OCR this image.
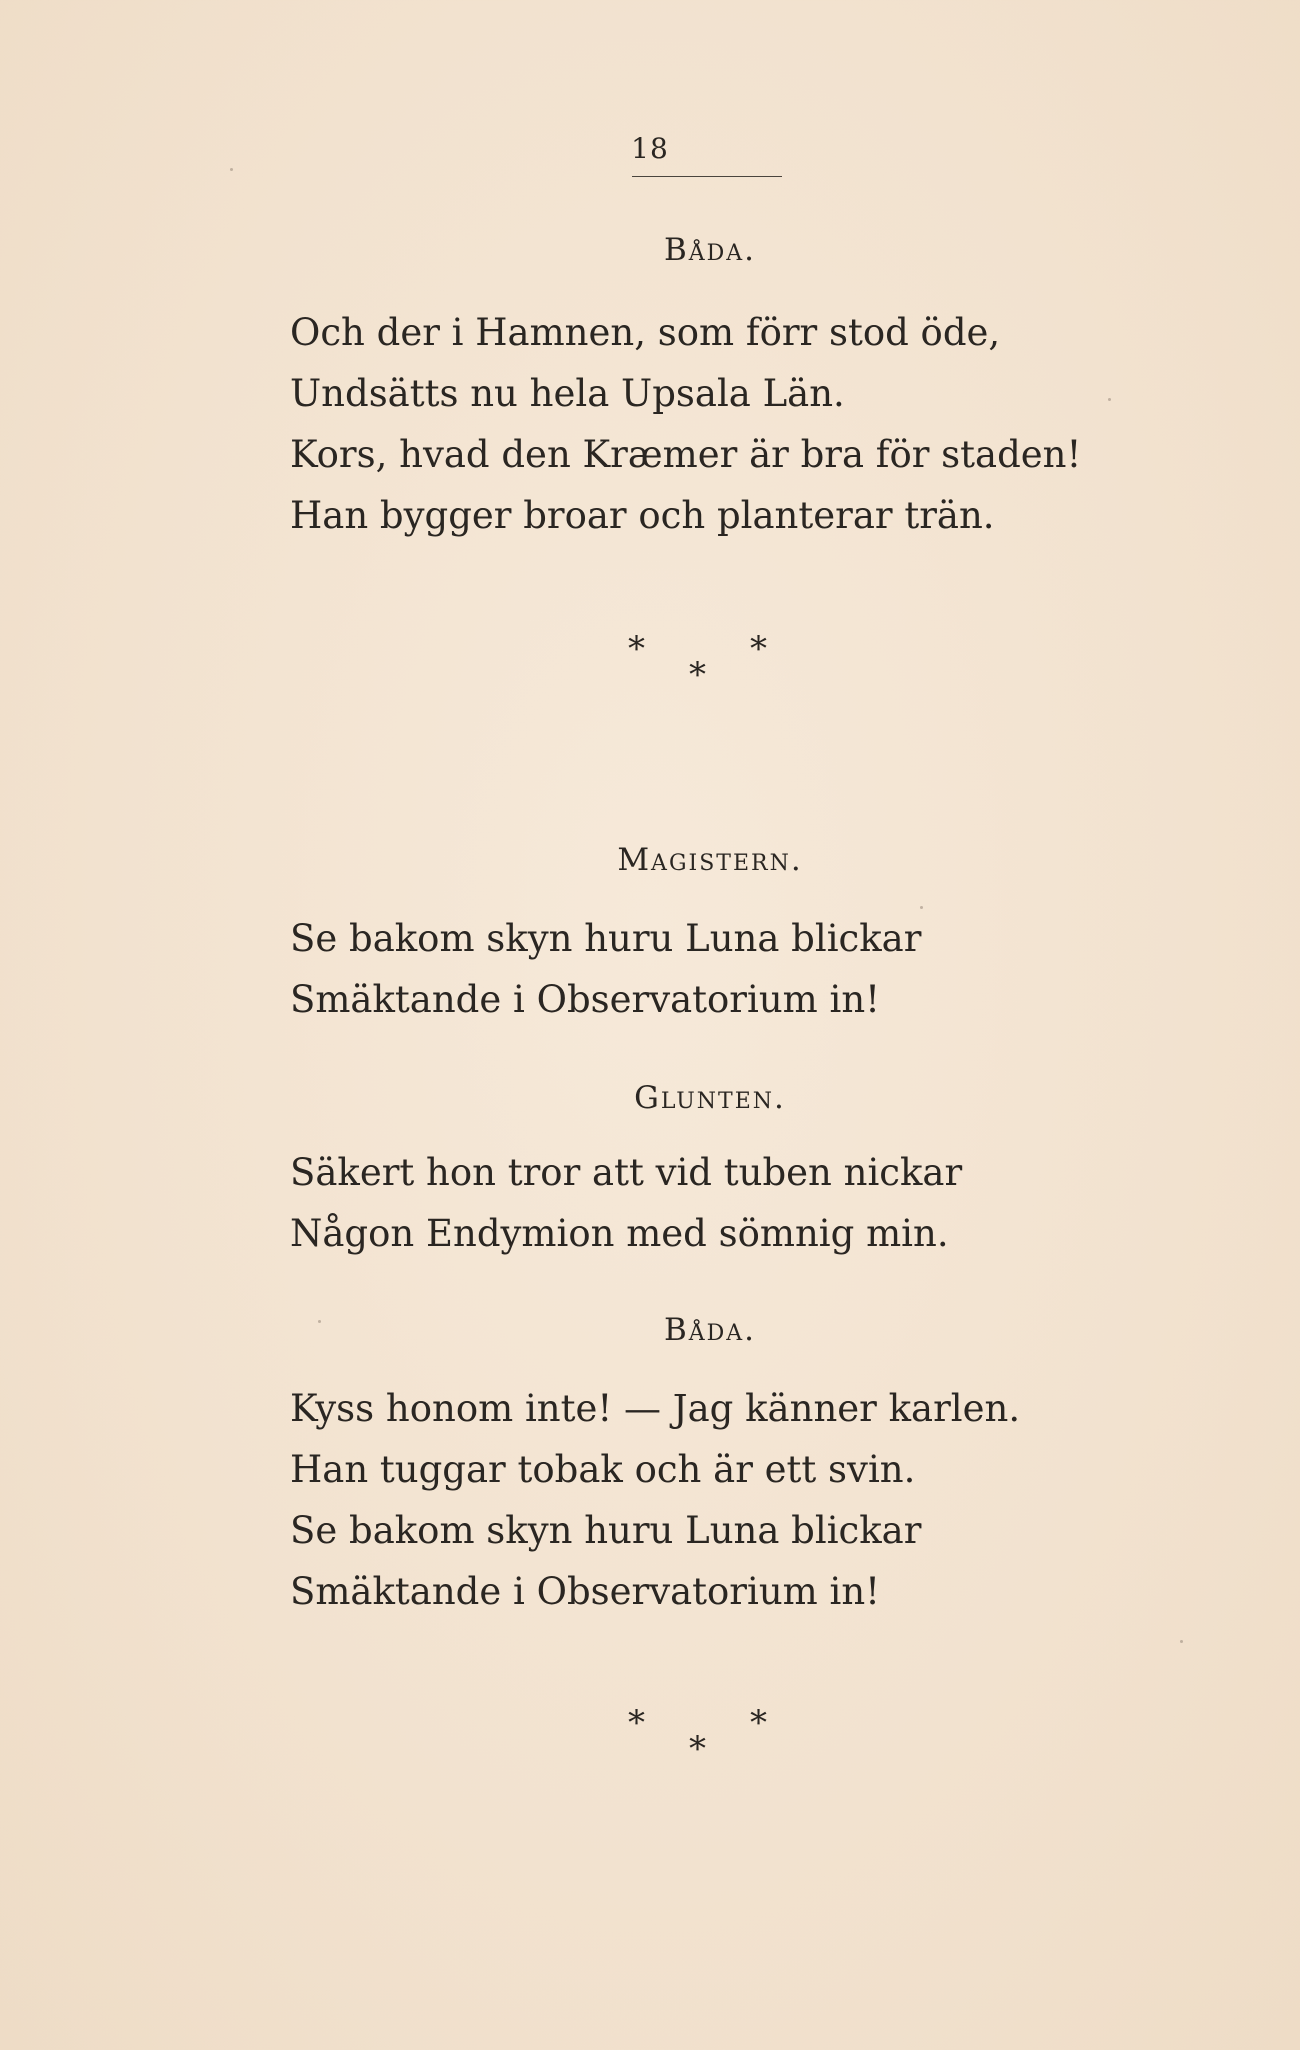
18
Båda.
Och der i Hamnen, som förr stod öde,
Undsätts nu hela Upsala Län.
Kors, hvad den Kræmer är bra för staden!
Han bygger broar och planterar trän.
*	*
*
Magistern.
Se bakom skyn huru Luna blickar
Smäktande i Observatorium in!
Glunten.
Säkert hon tror att vid tuben nickar
Någon Endymion med sömnig min.
Båda.
Kyss honom inte! — Jag känner karlen.
Han tuggar tobak och är ett svin.
Se bakom skyn huru Luna blickar
Smäktande i Observatorium in!
*	*
*
